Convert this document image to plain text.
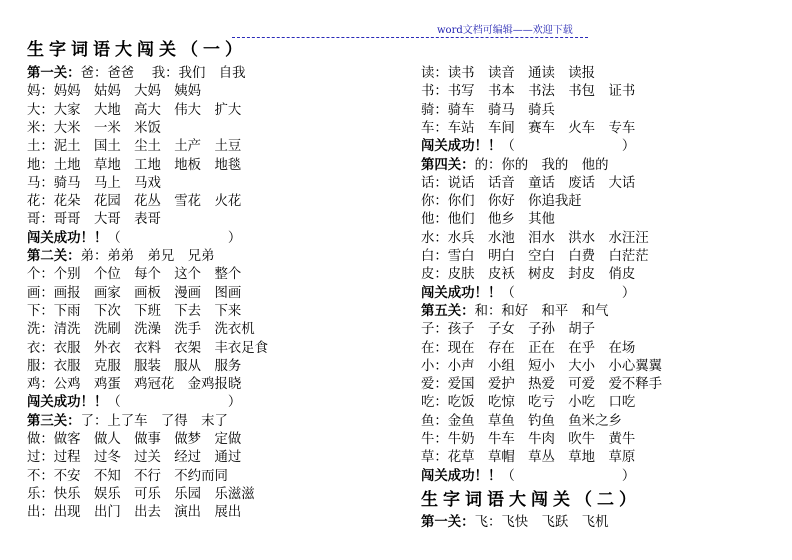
word文档可编辑——欢迎下载
生字词语大闯关（一）
第一关：爸：爸爸　 我：我们　自我
妈：妈妈　姑妈　大妈　姨妈
大：大家　大地　高大　伟大　扩大
米：大米　一米　米饭
土：泥土　国土　尘土　土产　土豆
地：土地　草地　工地　地板　地毯
马：骑马　马上　马戏
花：花朵　花园　花丛　雪花　火花
哥：哥哥　大哥　表哥
闯关成功！！（　　　　　　　　）
第二关：弟：弟弟　弟兄　兄弟
个：个别　个位　每个　这个　整个
画：画报　画家　画板　漫画　图画
下：下雨　下次　下班　下去　下来
洗：清洗　洗刷　洗澡　洗手　洗衣机
衣：衣服　外衣　衣料　衣架　丰衣足食
服：衣服　克服　服装　服从　服务
鸡：公鸡　鸡蛋　鸡冠花　金鸡报晓
闯关成功！！（　　　　　　　　）
第三关：了：上了车　了得　末了
做：做客　做人　做事　做梦　定做
过：过程　过冬　过关　经过　通过
不：不安　不知　不行　不约而同
乐：快乐　娱乐　可乐　乐园　乐滋滋
出：出现　出门　出去　演出　展出
生字词语大闯关（二）
读：读书　读音　通读　读报
书：书写　书本　书法　书包　证书
骑：骑车　骑马　骑兵
车：车站　车间　赛车　火车　专车
闯关成功！！（　　　　　　　　）
第四关：的：你的　我的　他的
话：说话　话音　童话　废话　大话
你：你们　你好　你追我赶
他：他们　他乡　其他
水：水兵　水池　泪水　洪水　水汪汪
白：雪白　明白　空白　白费　白茫茫
皮：皮肤　皮袄　树皮　封皮　俏皮
闯关成功！！（　　　　　　　　）
第五关：和：和好　和平　和气
子：孩子　子女　子孙　胡子
在：现在　存在　正在　在乎　在场
小：小声　小组　短小　大小　小心翼翼
爱：爱国　爱护　热爱　可爱　爱不释手
吃：吃饭　吃惊　吃亏　小吃　口吃
鱼：金鱼　草鱼　钓鱼　鱼米之乡
牛：牛奶　牛车　牛肉　吹牛　黄牛
草：花草　草帽　草丛　草地　草原
闯关成功！！（　　　　　　　　）
第一关：飞：飞快　飞跃　飞机
